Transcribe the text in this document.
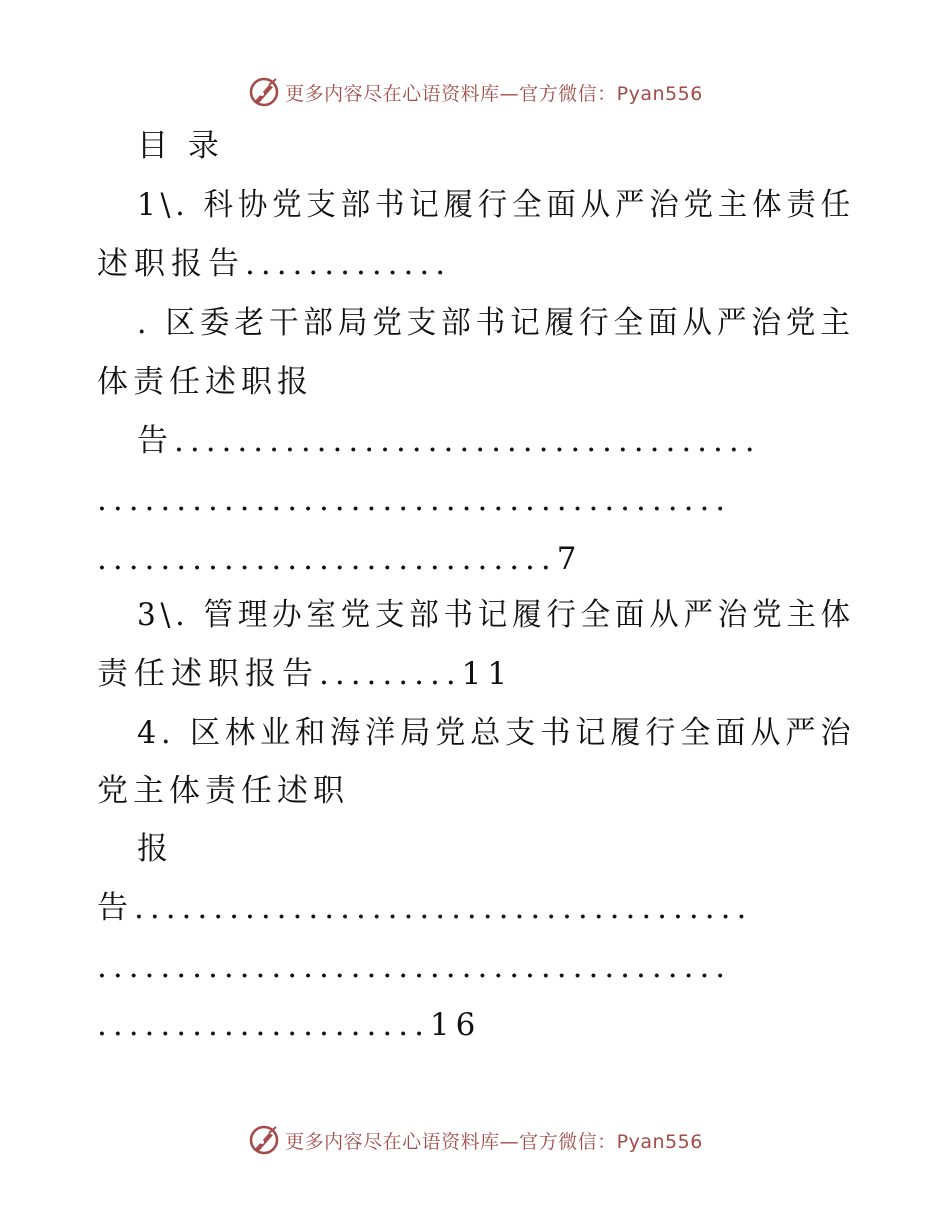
更多内容尽在心语资料库—官方微信：Pyan556
目 录
1\. 科协党支部书记履行全面从严治党主体责任
述职报告.............
. 区委老干部局党支部书记履行全面从严治党主
体责任述职报
告.....................................
........................................
.............................7
3\. 管理办室党支部书记履行全面从严治党主体
责任述职报告.........11
4. 区林业和海洋局党总支书记履行全面从严治
党主体责任述职
报
告.......................................
........................................
.....................16
更多内容尽在心语资料库—官方微信：Pyan556
